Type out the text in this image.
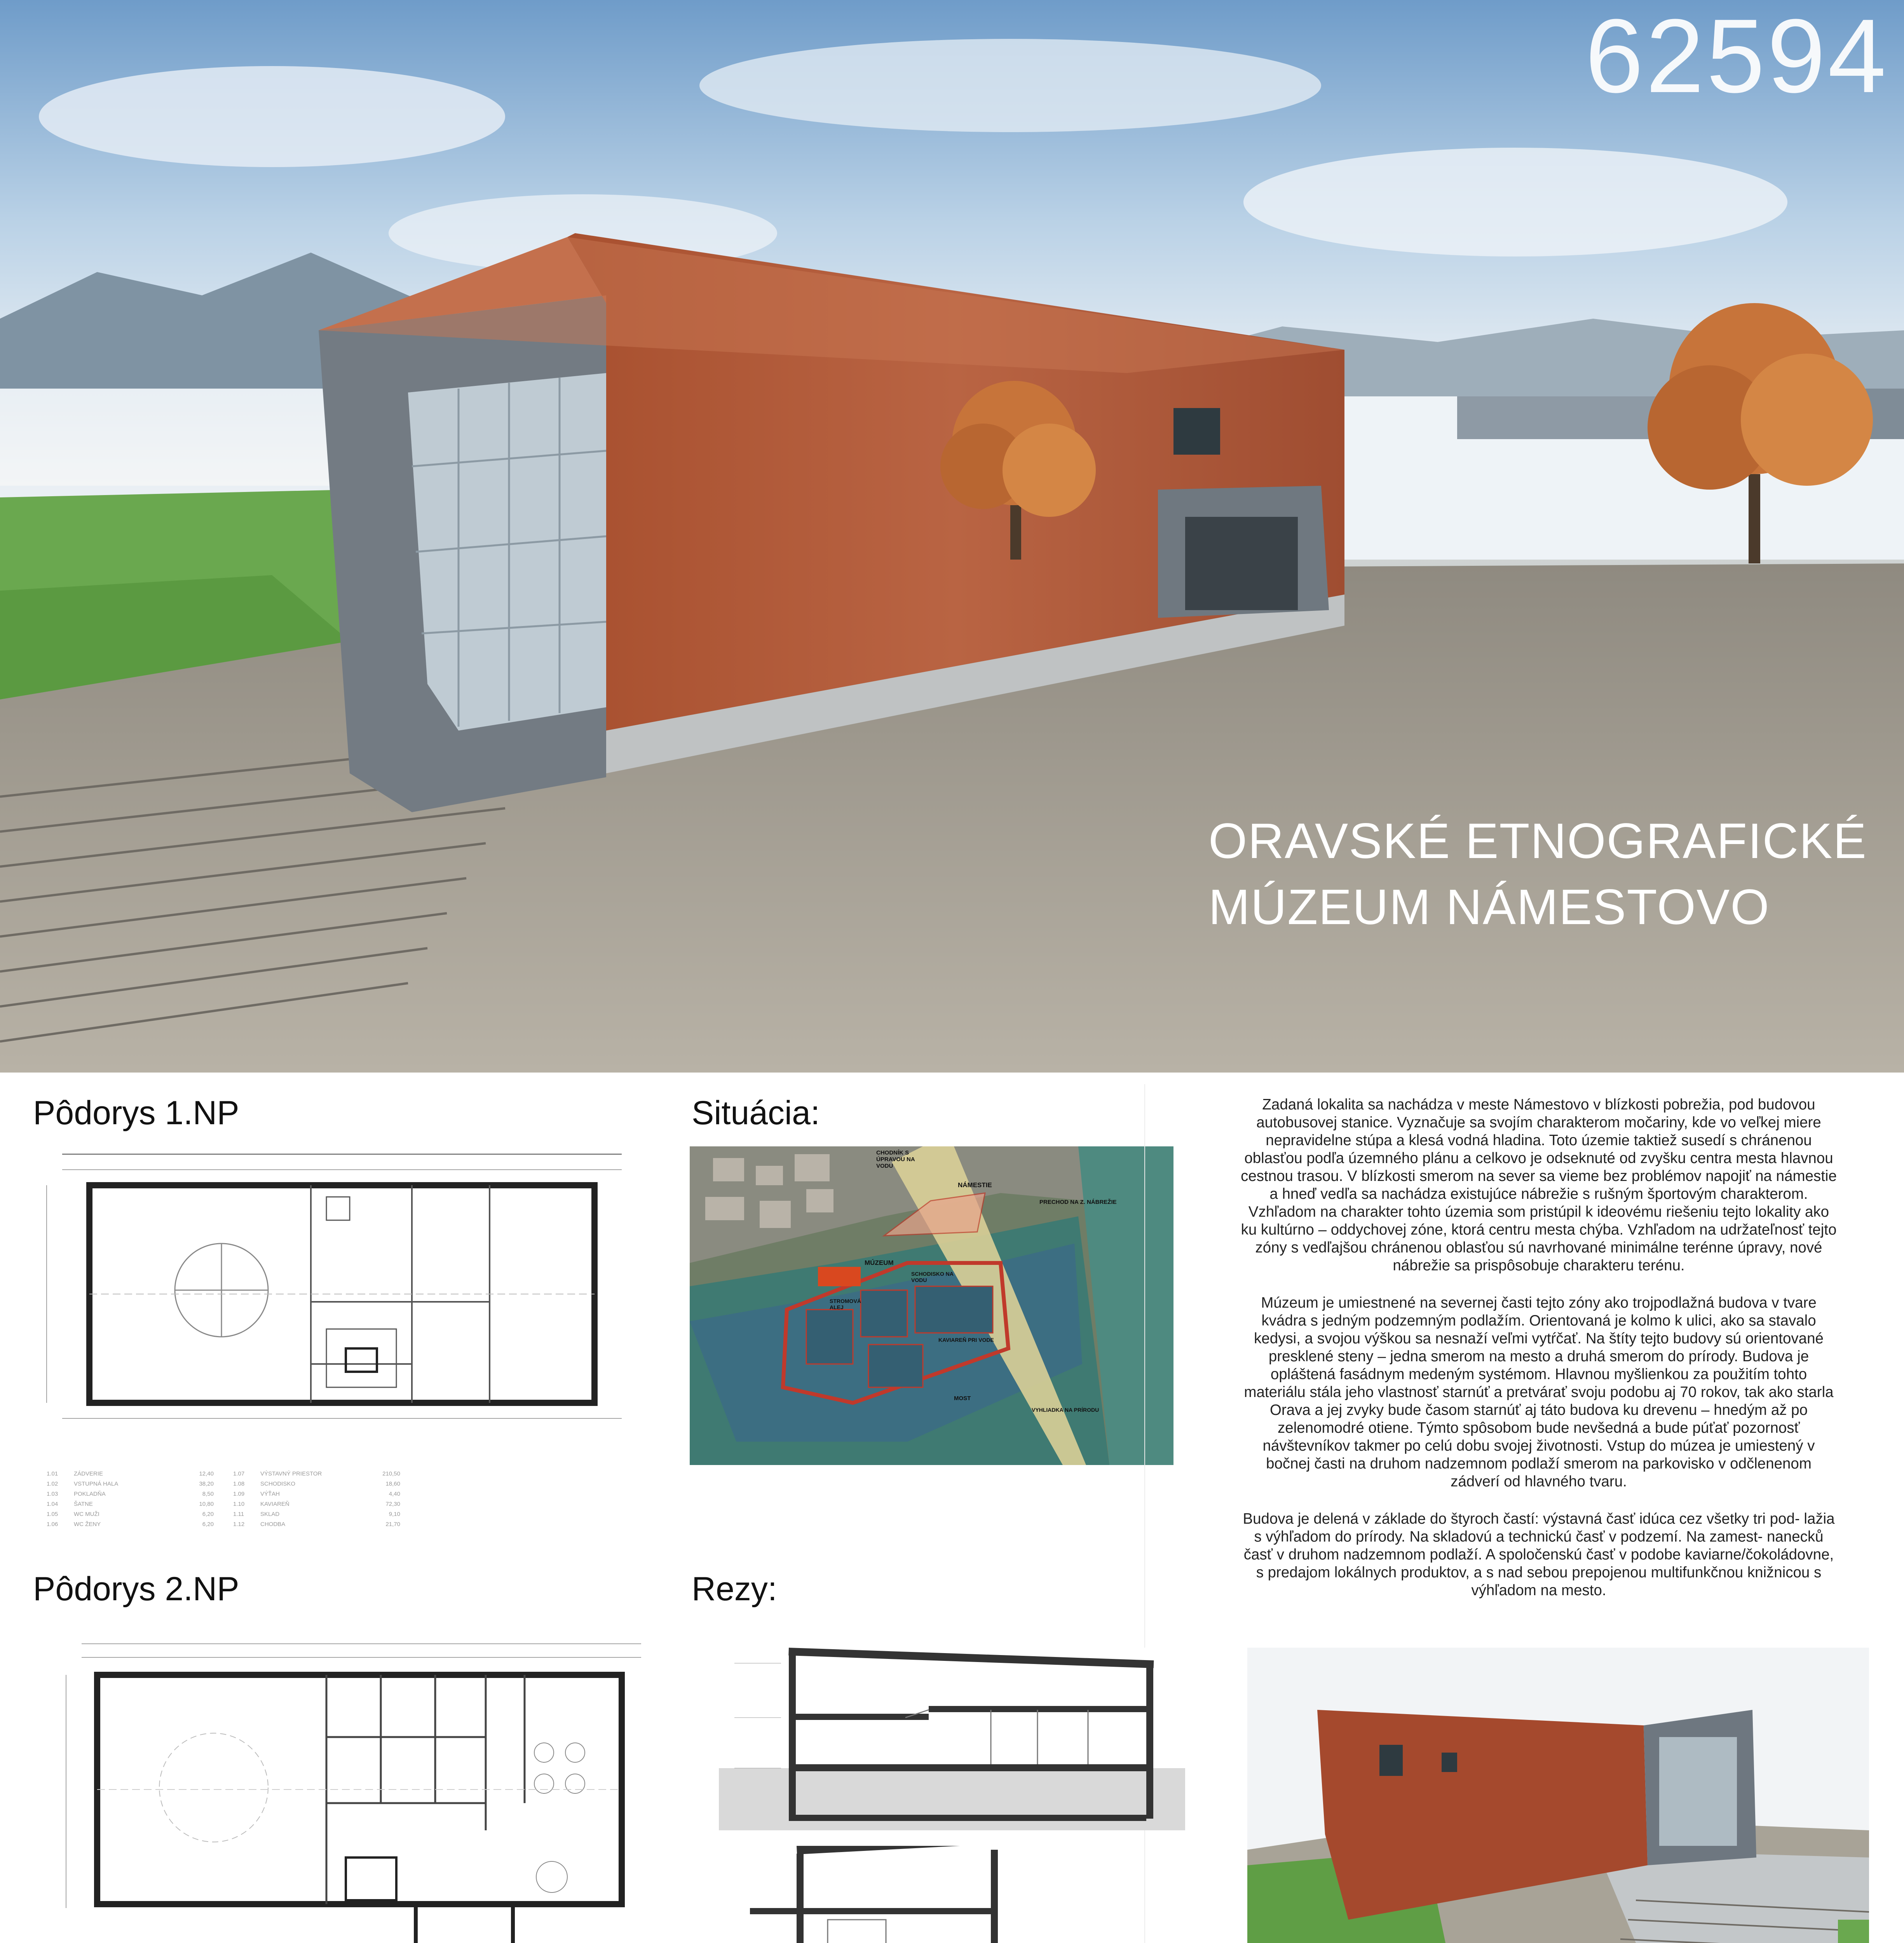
62594
ORAVSKÉ ETNOGRAFICKÉ
MÚZEUM NÁMESTOVO
Pôdorys 1.NP	Situácia:
Pôdorys 2.NP	Rezy:
1.01	ZÁDVERIE	12,40
1.02	VSTUPNÁ HALA	38,20
1.03	POKLADŇA	8,50
1.04	ŠATNE	10,80
1.05	WC MUŽI	6,20
1.06	WC ŽENY	6,20
1.07	VÝSTAVNÝ PRIESTOR	210,50
1.08	SCHODISKO	18,60
1.09	VÝŤAH	4,40
1.10	KAVIAREŇ	72,30
1.11	SKLAD	9,10
1.12	CHODBA	21,70
CHODNÍK S ÚPRAVOU NA VODU
NÁMESTIE
PRECHOD NA Z. NÁBREŽIE
MÚZEUM
STROMOVÁ ALEJ
SCHODISKO NA VODU
KAVIAREŇ PRI VODE
MOST
VYHLIADKA NA PRÍRODU

Zadaná lokalita sa nachádza v meste Námestovo v blízkosti pobrežia, pod budovou autobusovej stanice. Vyznačuje sa svojím charakterom močariny, kde vo veľkej miere nepravidelne stúpa a klesá vodná hladina. Toto územie taktiež susedí s chránenou oblasťou podľa územného plánu a celkovo je odseknuté od zvyšku centra mesta hlavnou cestnou trasou. V blízkosti smerom na sever sa vieme bez problémov napojiť na námestie a hneď vedľa sa nachádza existujúce nábrežie s rušným športovým charakterom. Vzhľadom na charakter tohto územia som pristúpil k ideovému riešeniu tejto lokality ako ku kultúrno – oddychovej zóne, ktorá centru mesta chýba. Vzhľadom na udržateľnosť tejto zóny s vedľajšou chránenou oblasťou sú navrhované minimálne terénne úpravy, nové nábrežie sa prispôsobuje charakteru terénu.

Múzeum je umiestnené na severnej časti tejto zóny ako trojpodlažná budova v tvare kvádra s jedným podzemným podlažím. Orientovaná je kolmo k ulici, ako sa stavalo kedysi, a svojou výškou sa nesnaží veľmi vytŕčať. Na štíty tejto budovy sú orientované presklené steny – jedna smerom na mesto a druhá smerom do prírody. Budova je opláštená fasádnym medeným systémom. Hlavnou myšlienkou za použitím tohto materiálu stála jeho vlastnosť starnúť a pretvárať svoju podobu aj 70 rokov, tak ako starla Orava a jej zvyky bude časom starnúť aj táto budova ku drevenu – hnedým až po zelenomodré otiene. Týmto spôsobom bude nevšedná a bude púťať pozornosť návštevníkov takmer po celú dobu svojej životnosti. Vstup do múzea je umiestený v bočnej časti na druhom nadzemnom podlaží smerom na parkovisko v odčlenenom zádverí od hlavného tvaru.

Budova je delená v základe do štyroch častí: výstavná časť idúca cez všetky tri pod- lažia s výhľadom do prírody. Na skladovú a technickú časť v podzemí. Na zamest- nanecků časť v druhom nadzemnom podlaží. A spoločenskú časť v podobe kaviarne/čokoládovne, s predajom lokálnych produktov, a s nad sebou prepojenou multifunkčnou knižnicou s výhľadom na mesto.
